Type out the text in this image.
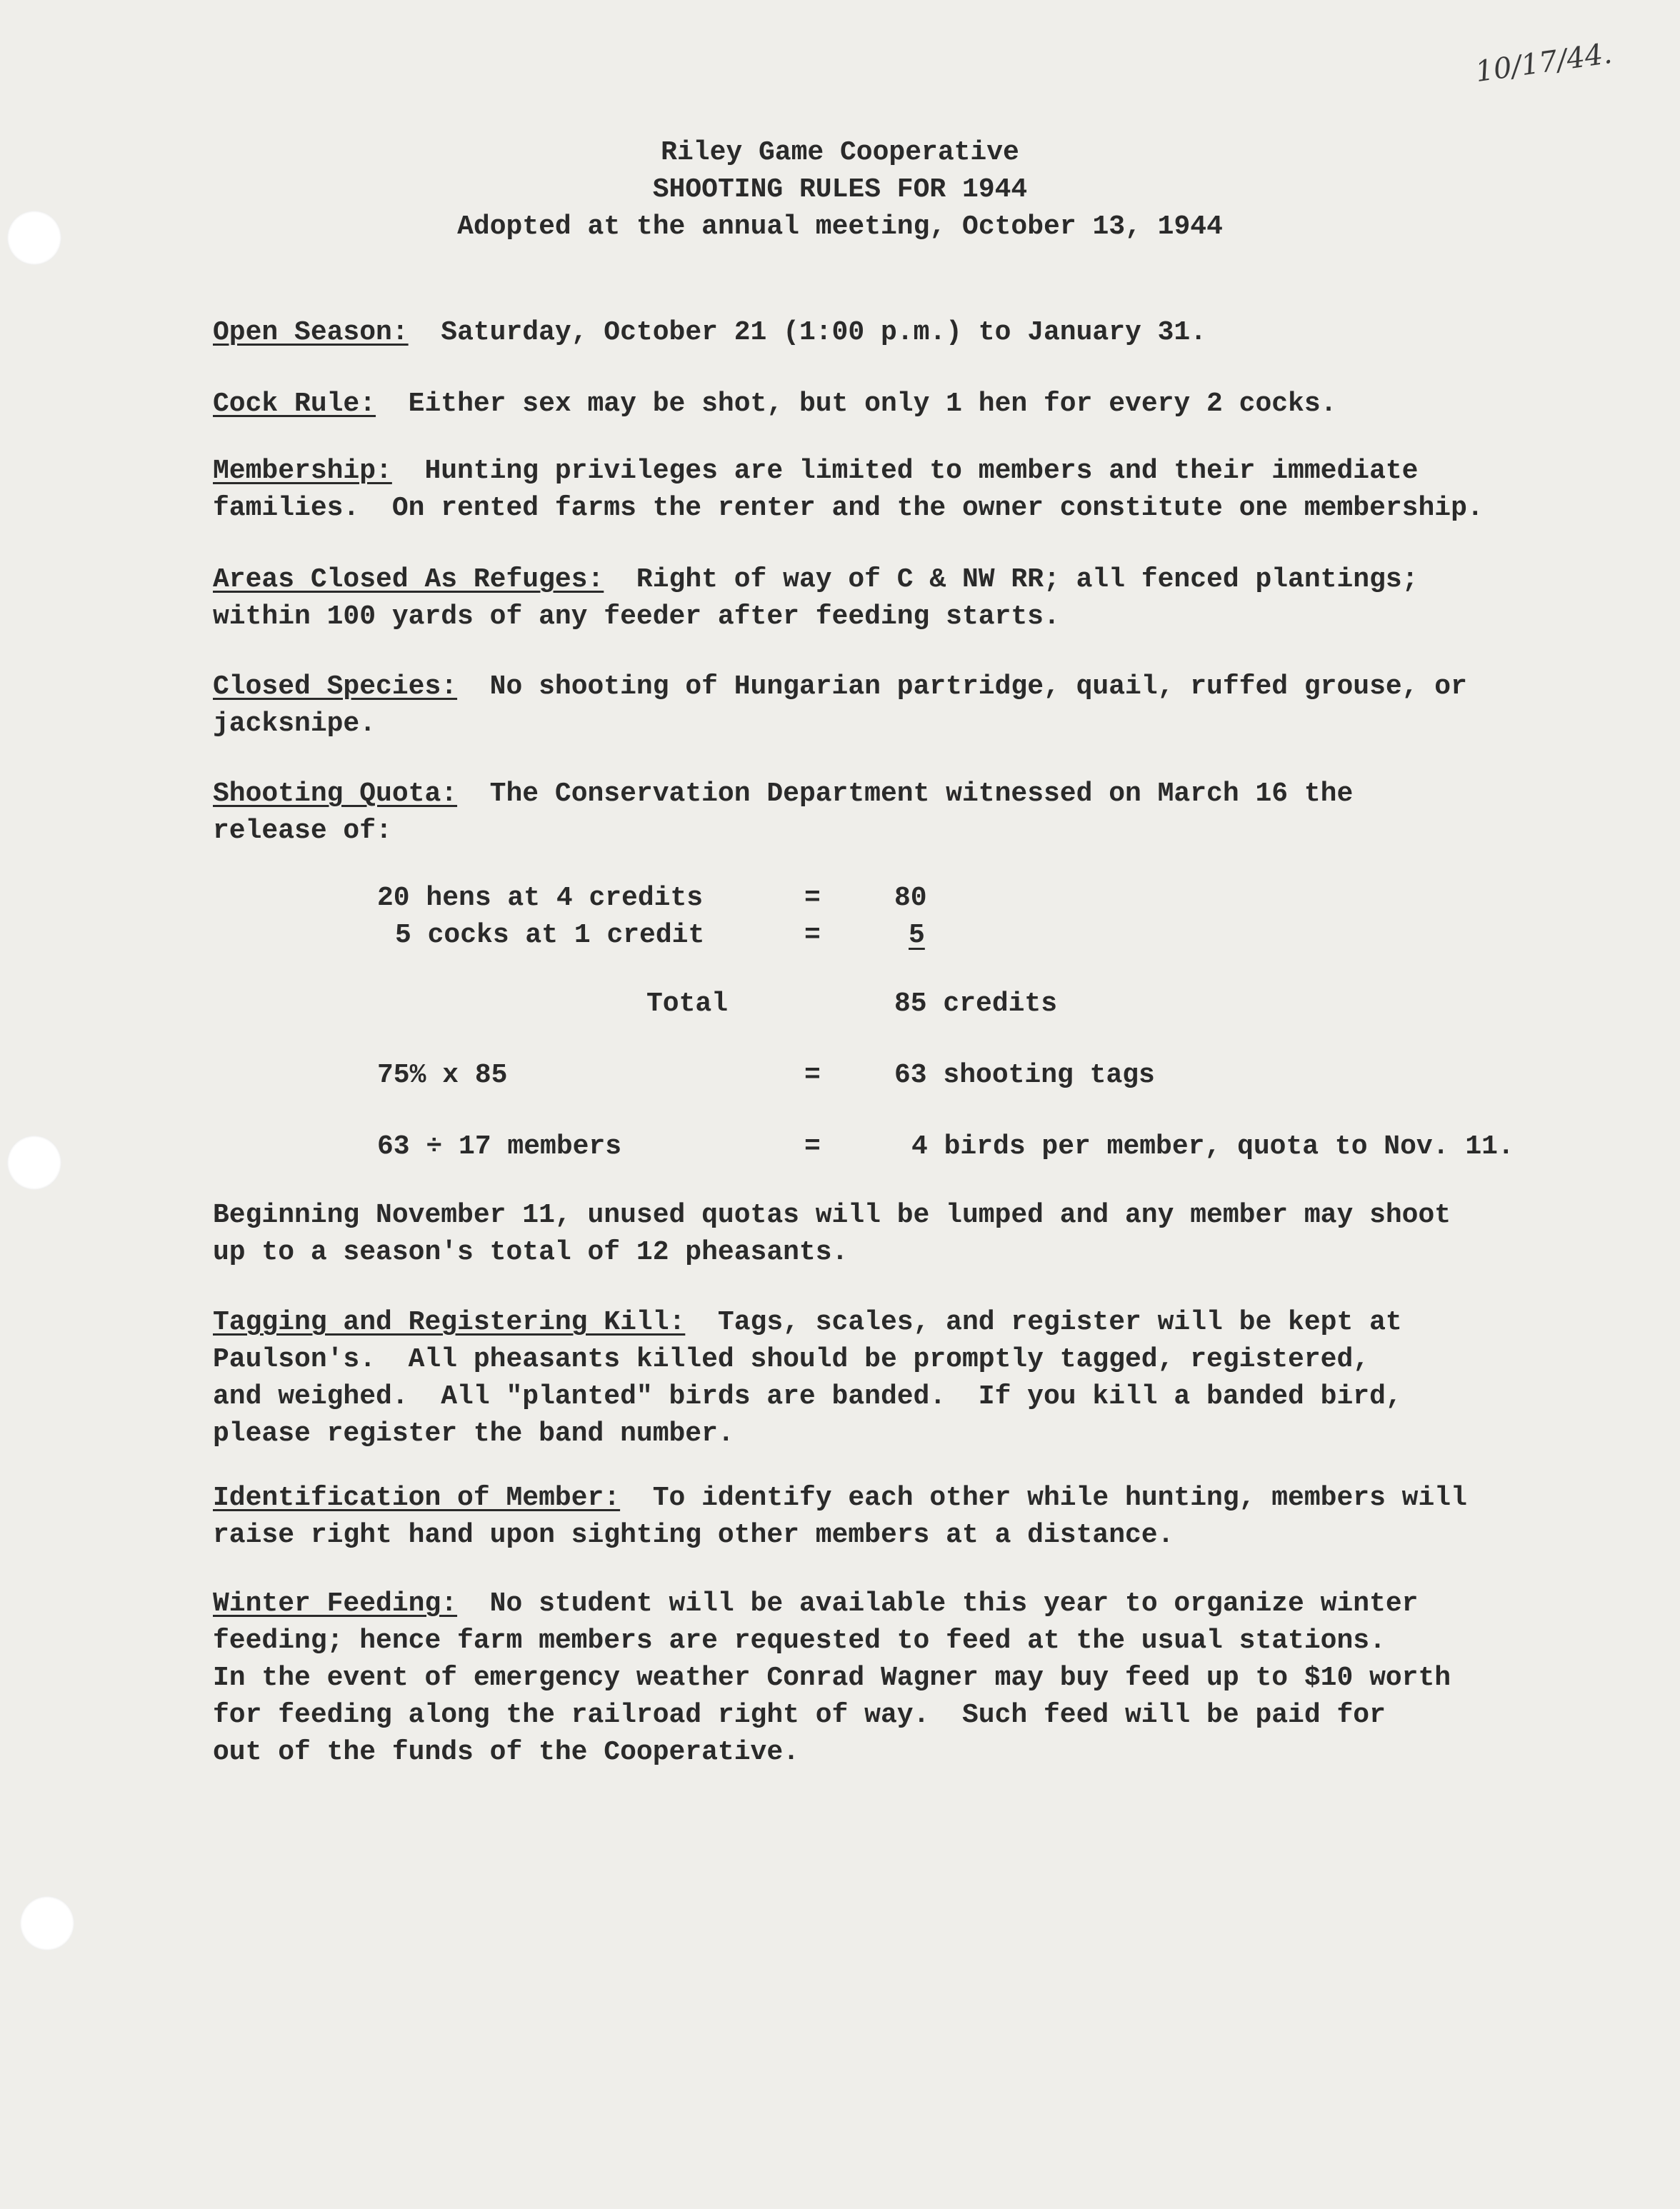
10/17/44.
Riley Game Cooperative
SHOOTING RULES FOR 1944
Adopted at the annual meeting, October 13, 1944
Open Season:  Saturday, October 21 (1:00 p.m.) to January 31.
Cock Rule:  Either sex may be shot, but only 1 hen for every 2 cocks.
Membership:  Hunting privileges are limited to members and their immediate
families.  On rented farms the renter and the owner constitute one membership.
Areas Closed As Refuges:  Right of way of C & NW RR; all fenced plantings;
within 100 yards of any feeder after feeding starts.
Closed Species:  No shooting of Hungarian partridge, quail, ruffed grouse, or
jacksnipe.
Shooting Quota:  The Conservation Department witnessed on March 16 the
release of:
20 hens at 4 credits	=	80
5 cocks at 1 credit	=	5
Total	85 credits
75% x 85	=	63 shooting tags
63 ÷ 17 members	=	4 birds per member, quota to Nov. 11.
Beginning November 11, unused quotas will be lumped and any member may shoot
up to a season's total of 12 pheasants.
Tagging and Registering Kill:  Tags, scales, and register will be kept at
Paulson's.  All pheasants killed should be promptly tagged, registered,
and weighed.  All "planted" birds are banded.  If you kill a banded bird,
please register the band number.
Identification of Member:  To identify each other while hunting, members will
raise right hand upon sighting other members at a distance.
Winter Feeding:  No student will be available this year to organize winter
feeding; hence farm members are requested to feed at the usual stations.
In the event of emergency weather Conrad Wagner may buy feed up to $10 worth
for feeding along the railroad right of way.  Such feed will be paid for
out of the funds of the Cooperative.
